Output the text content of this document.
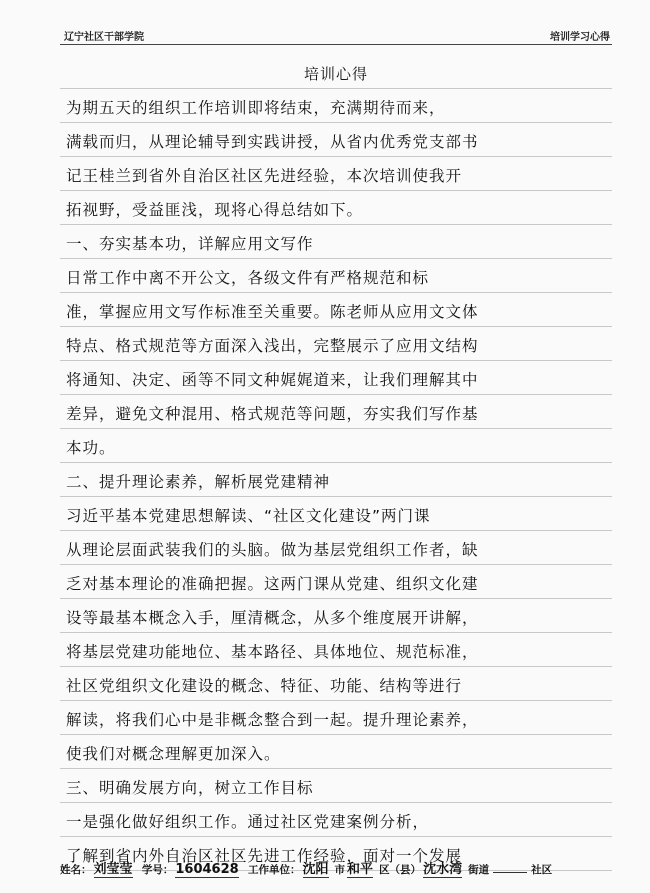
辽宁社区干部学院	培训学习心得
培训心得
为期五天的组织工作培训即将结束，充满期待而来，
满载而归，从理论辅导到实践讲授，从省内优秀党支部书
记王桂兰到省外自治区社区先进经验，本次培训使我开
拓视野，受益匪浅，现将心得总结如下。
一、夯实基本功，详解应用文写作
日常工作中离不开公文，各级文件有严格规范和标
准，掌握应用文写作标准至关重要。陈老师从应用文文体
特点、格式规范等方面深入浅出，完整展示了应用文结构
将通知、决定、函等不同文种娓娓道来，让我们理解其中
差异，避免文种混用、格式规范等问题，夯实我们写作基
本功。
二、提升理论素养，解析展党建精神
习近平基本党建思想解读、“社区文化建设”两门课
从理论层面武装我们的头脑。做为基层党组织工作者，缺
乏对基本理论的准确把握。这两门课从党建、组织文化建
设等最基本概念入手，厘清概念，从多个维度展开讲解，
将基层党建功能地位、基本路径、具体地位、规范标准，
社区党组织文化建设的概念、特征、功能、结构等进行
解读，将我们心中是非概念整合到一起。提升理论素养，
使我们对概念理解更加深入。
三、明确发展方向，树立工作目标
一是强化做好组织工作。通过社区党建案例分析，
了解到省内外自治区社区先进工作经验，面对一个发展
姓名： 刘莹莹 学号： 1604628 工作单位： 沈阳 市 和平 区（县） 沈水湾 街道	社区
